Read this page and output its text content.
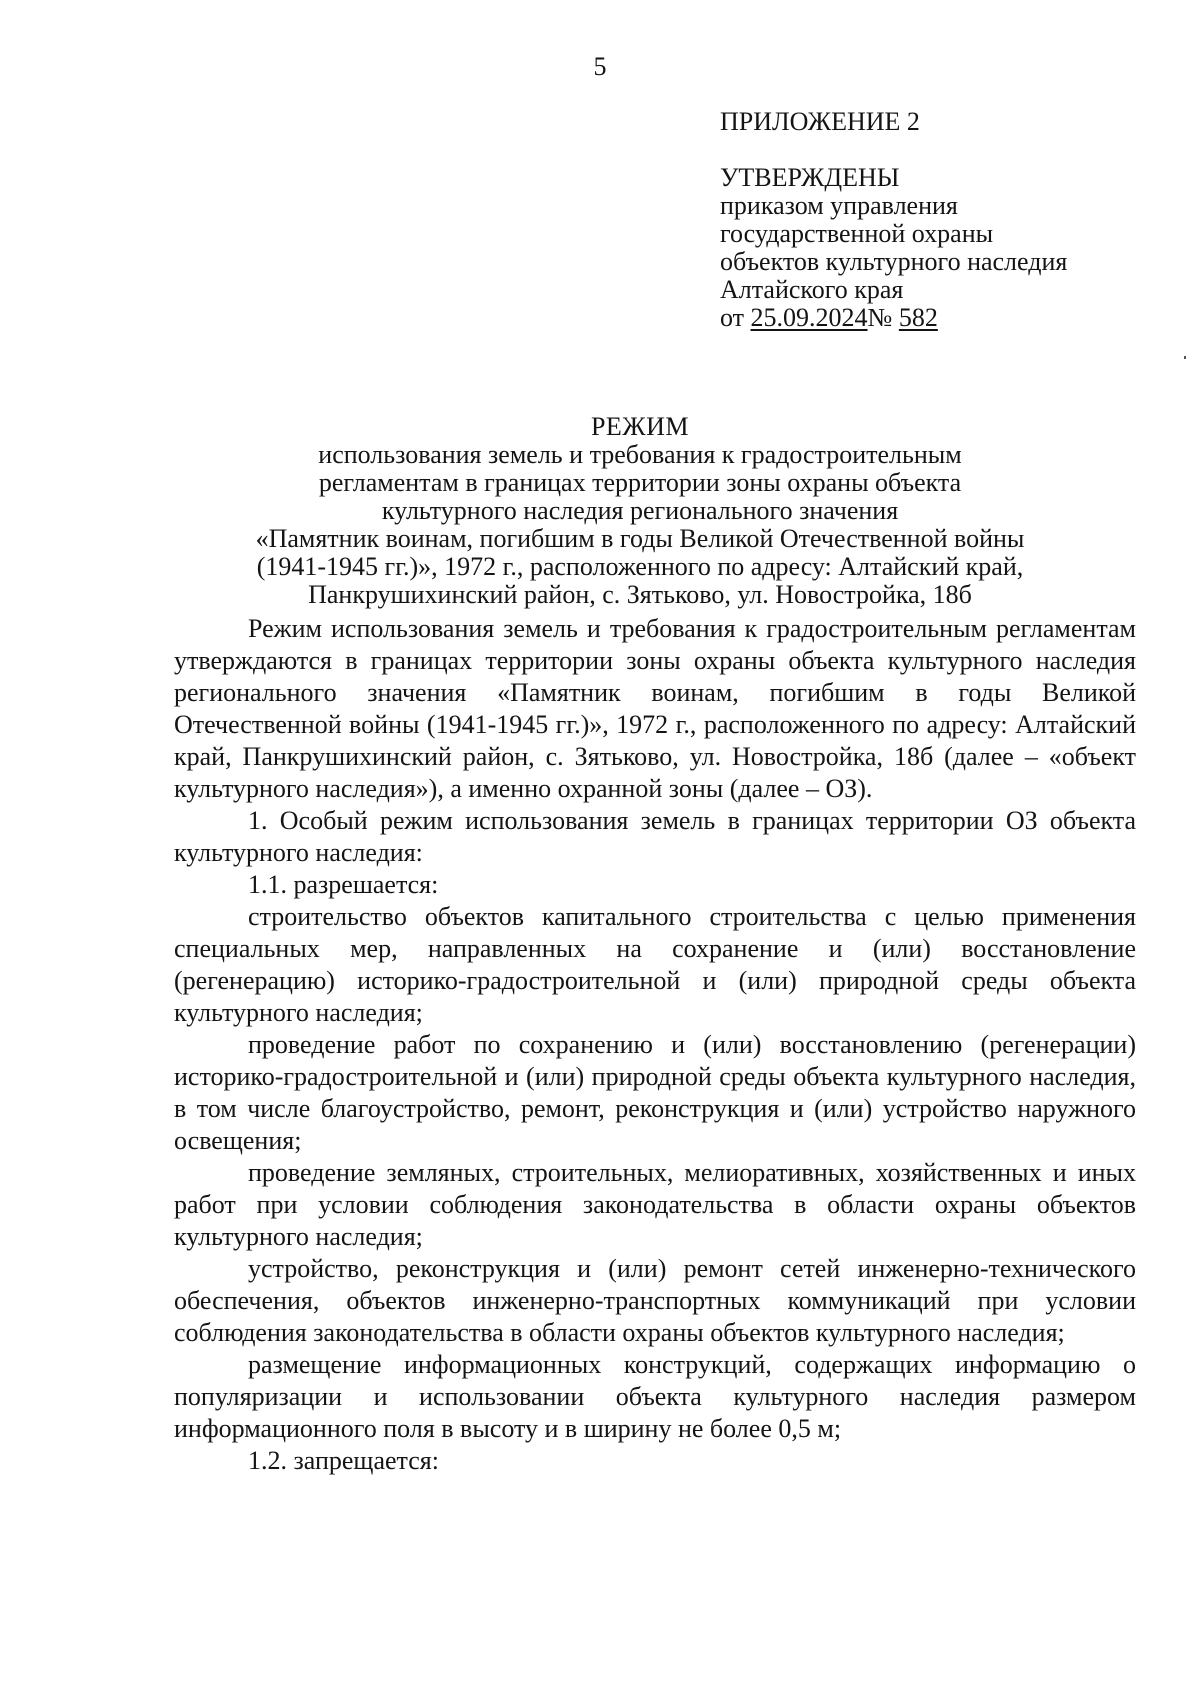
5
ПРИЛОЖЕНИЕ 2
УТВЕРЖДЕНЫ
приказом управления
государственной охраны
объектов культурного наследия
Алтайского края
от 25.09.2024№ 582
РЕЖИМ
использования земель и требования к градостроительным
регламентам в границах территории зоны охраны объекта
культурного наследия регионального значения
«Памятник воинам, погибшим в годы Великой Отечественной войны
(1941-1945 гг.)», 1972 г., расположенного по адресу: Алтайский край,
Панкрушихинский район, с. Зятьково, ул. Новостройка, 18б

Режим использования земель и требования к градостроительным регламентам утверждаются в границах территории зоны охраны объекта культурного наследия регионального значения «Памятник воинам, погибшим в годы Великой Отечественной войны (1941-1945 гг.)», 1972 г., расположенного по адресу: Алтайский край, Панкрушихинский район, с. Зятьково, ул. Новостройка, 18б (далее – «объект культурного наследия»), а именно охранной зоны (далее – ОЗ).

1. Особый режим использования земель в границах территории ОЗ объекта культурного наследия:

1.1. разрешается:

строительство объектов капитального строительства с целью применения специальных мер, направленных на сохранение и (или) восстановление (регенерацию) историко-градостроительной и (или) природной среды объекта культурного наследия;

проведение работ по сохранению и (или) восстановлению (регенерации) историко-градостроительной и (или) природной среды объекта культурного наследия, в том числе благоустройство, ремонт, реконструкция и (или) устройство наружного освещения;

проведение земляных, строительных, мелиоративных, хозяйственных и иных работ при условии соблюдения законодательства в области охраны объектов культурного наследия;

устройство, реконструкция и (или) ремонт сетей инженерно-технического обеспечения, объектов инженерно-транспортных коммуникаций при условии соблюдения законодательства в области охраны объектов культурного наследия;

размещение информационных конструкций, содержащих информацию о популяризации и использовании объекта культурного наследия размером информационного поля в высоту и в ширину не более 0,5 м;

1.2. запрещается:
